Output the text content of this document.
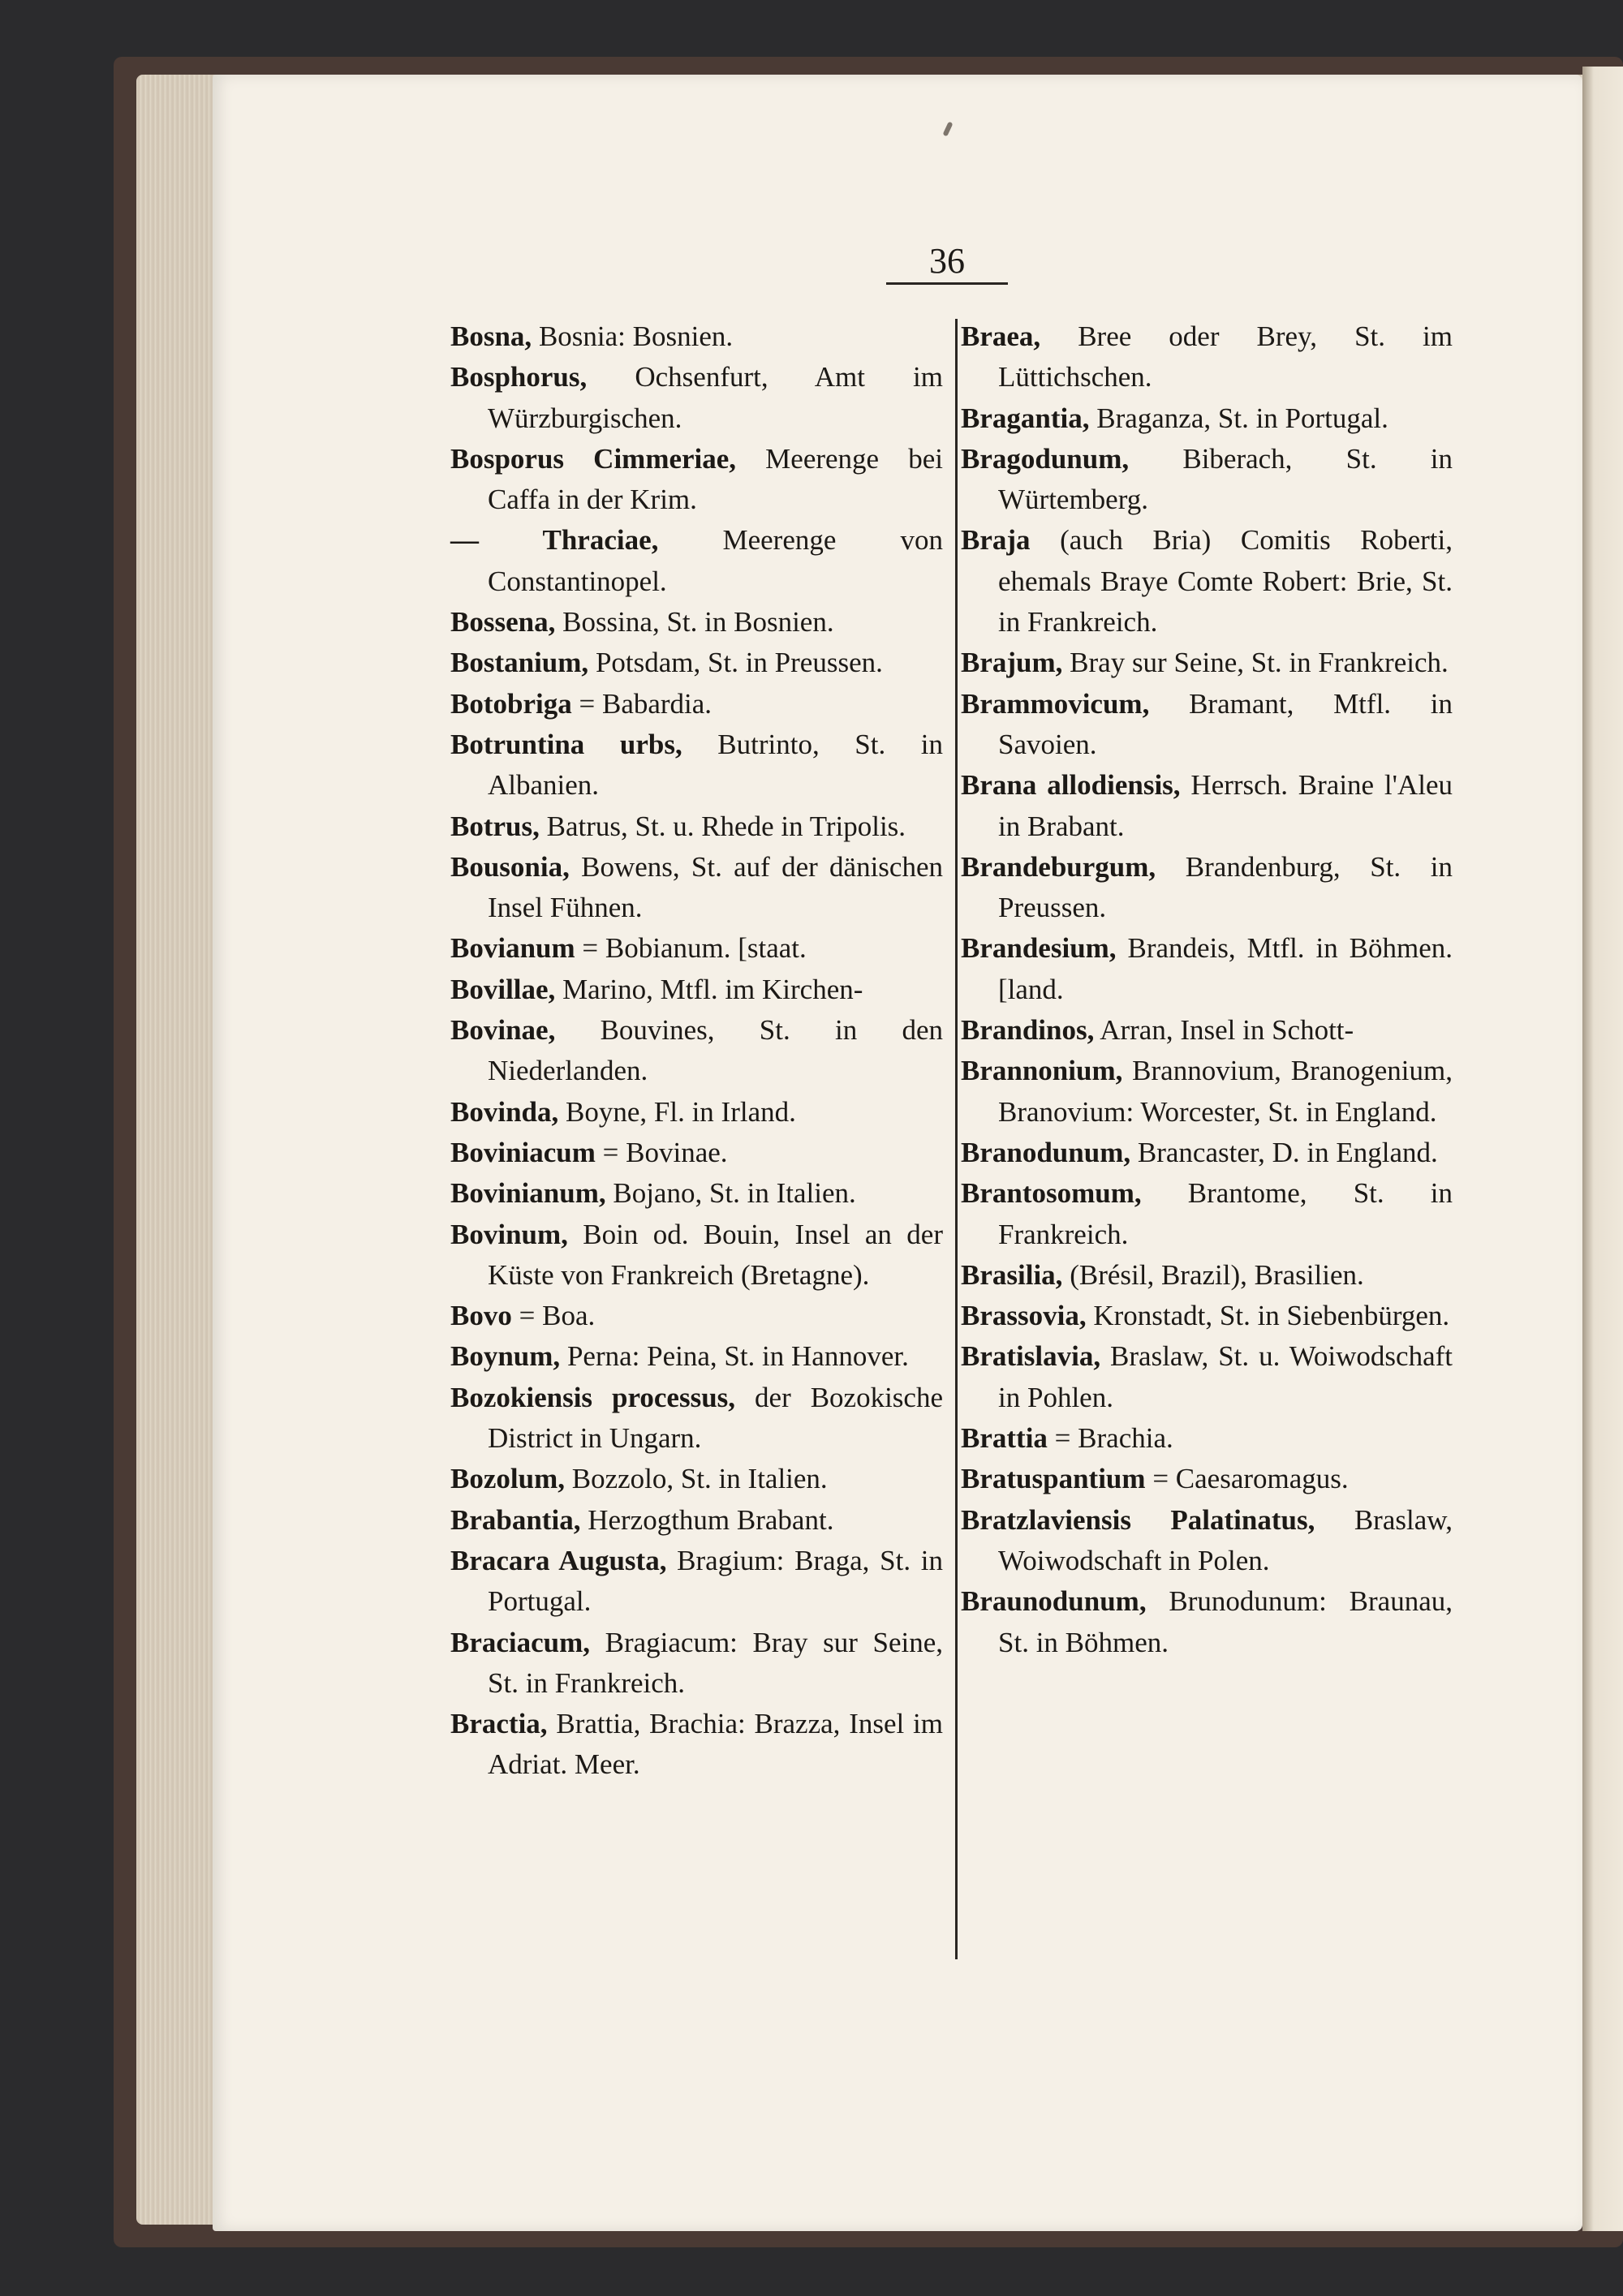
36

Bosna, Bosnia: Bosnien.

Bosphorus, Ochsenfurt, Amt im Würzburgischen.

Bosporus Cimmeriae, Meerenge bei Caffa in der Krim.

— Thraciae, Meerenge von Constantinopel.

Bossena, Bossina, St. in Bosnien.

Bostanium, Potsdam, St. in Preussen.

Botobriga = Babardia.

Botruntina urbs, Butrinto, St. in Albanien.

Botrus, Batrus, St. u. Rhede in Tripolis.

Bousonia, Bowens, St. auf der dänischen Insel Fühnen.

Bovianum = Bobianum. [staat.

Bovillae, Marino, Mtfl. im Kirchen-

Bovinae, Bouvines, St. in den Niederlanden.

Bovinda, Boyne, Fl. in Irland.

Boviniacum = Bovinae.

Bovinianum, Bojano, St. in Italien.

Bovinum, Boin od. Bouin, Insel an der Küste von Frankreich (Bretagne).

Bovo = Boa.

Boynum, Perna: Peina, St. in Hannover.

Bozokiensis processus, der Bozokische District in Ungarn.

Bozolum, Bozzolo, St. in Italien.

Brabantia, Herzogthum Brabant.

Bracara Augusta, Bragium: Braga, St. in Portugal.

Braciacum, Bragiacum: Bray sur Seine, St. in Frankreich.

Bractia, Brattia, Brachia: Brazza, Insel im Adriat. Meer.

Braea, Bree oder Brey, St. im Lüttichschen.

Bragantia, Braganza, St. in Portugal.

Bragodunum, Biberach, St. in Würtemberg.

Braja (auch Bria) Comitis Roberti, ehemals Braye Comte Robert: Brie, St. in Frankreich.

Brajum, Bray sur Seine, St. in Frankreich.

Brammovicum, Bramant, Mtfl. in Savoien.

Brana allodiensis, Herrsch. Braine l'Aleu in Brabant.

Brandeburgum, Brandenburg, St. in Preussen.

Brandesium, Brandeis, Mtfl. in Böhmen. [land.

Brandinos, Arran, Insel in Schott-

Brannonium, Brannovium, Branogenium, Branovium: Worcester, St. in England.

Branodunum, Brancaster, D. in England.

Brantosomum, Brantome, St. in Frankreich.

Brasilia, (Brésil, Brazil), Brasilien.

Brassovia, Kronstadt, St. in Siebenbürgen.

Bratislavia, Braslaw, St. u. Woiwodschaft in Pohlen.

Brattia = Brachia.

Bratuspantium = Caesaromagus.

Bratzlaviensis Palatinatus, Braslaw, Woiwodschaft in Polen.

Braunodunum, Brunodunum: Braunau, St. in Böhmen.
